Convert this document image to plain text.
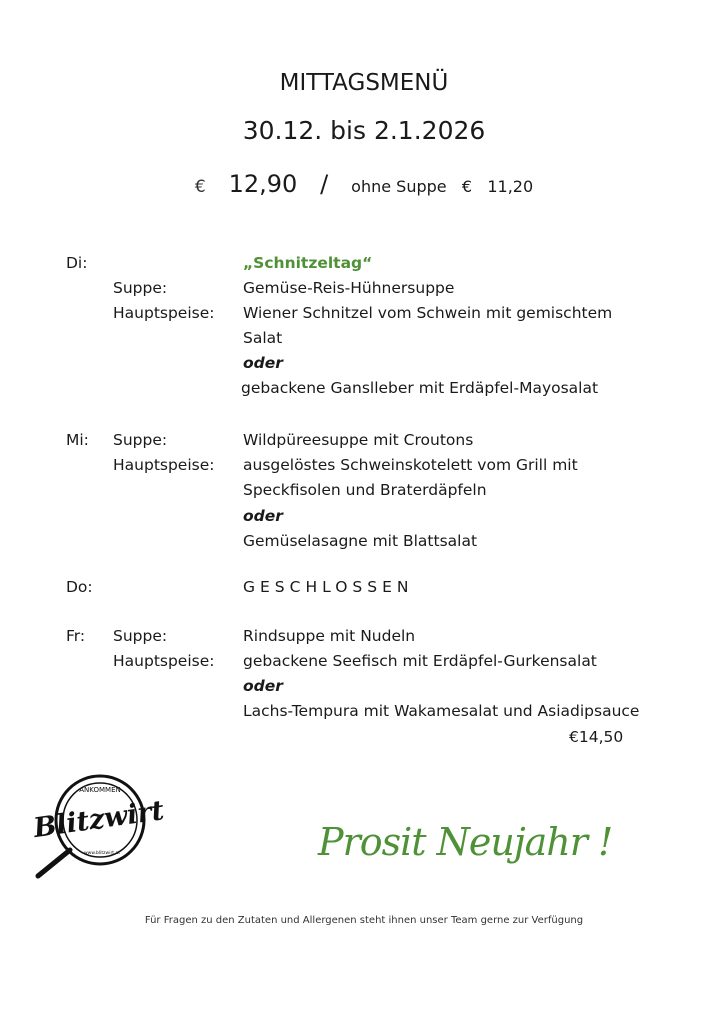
MITTAGSMENÜ
30.12. bis 2.1.2026
€ 12,90 / ohne Suppe € 11,20
Di:	„Schnitzeltag“
Suppe:	Gemüse-Reis-Hühnersuppe
Hauptspeise: Wiener Schnitzel vom Schwein mit gemischtem
Salat
oder
gebackene Ganslleber mit Erdäpfel-Mayosalat
Mi: Suppe:	Wildpüreesuppe mit Croutons
Hauptspeise: ausgelöstes Schweinskotelett vom Grill mit
Speckfisolen und Braterdäpfeln
oder
Gemüselasagne mit Blattsalat
Do:	GESCHLOSSEN
Fr: Suppe:	Rindsuppe mit Nudeln
Hauptspeise: gebackene Seefisch mit Erdäpfel-Gurkensalat
oder
Lachs-Tempura mit Wakamesalat und Asiadipsauce
€14,50
ANKOMMEN
Blitzwirt
www.blitzwirt.at	Prosit Neujahr !
Für Fragen zu den Zutaten und Allergenen steht ihnen unser Team gerne zur Verfügung
